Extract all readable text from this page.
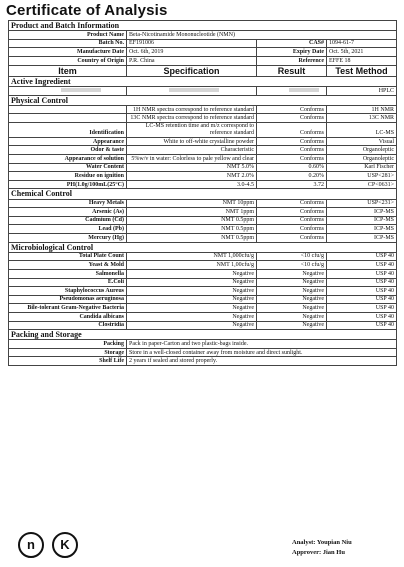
Certificate of Analysis
Product and Batch Information			
Product Name	Beta-Nicotinamide Mononucleotide (NMN)		
Batch No.	EF191006	CAS#	1094-61-7
Manufacture Date	Oct. 6th, 2019	Expiry Date	Oct. 5th, 2021
Country of Origin	P.R. China	Reference	EFFE 18
Item	Specification	Result	Test Method
Active Ingredient			
			HPLC
Physical Control			
	1H NMR spectra correspond to reference standard	Conforms	1H NMR
	13C NMR spectra correspond to reference standard	Conforms	13C NMR
Identification	LC-MS retention time and m/z correspond to reference standard	Conforms	LC-MS
Appearance	White to off-white crystalline powder	Conforms	Visual
Odor & taste	Characteristic	Conforms	Organoleptic
Appearance of solution	5%w/v in water: Colorless to pale yellow and clear	Conforms	Organoleptic
Water Content	NMT 5.0%	0.60%	Karl Fischer
Residue on ignition	NMT 2.0%	0.20%	USP<281>
PH(1.0g/100mL(25°C)	3.0-4.5	3.72	CP<0631>
Chemical Control			
Heavy Metals	NMT 10ppm	Conforms	USP<231>
Arsenic (As)	NMT 1ppm	Conforms	ICP-MS
Cadmium (Cd)	NMT 0.5ppm	Conforms	ICP-MS
Lead (Pb)	NMT 0.5ppm	Conforms	ICP-MS
Mercury (Hg)	NMT 0.5ppm	Conforms	ICP-MS
Microbiological Control			
Total Plate Count	NMT 1,000cfu/g	<10 cfu/g	USP 40
Yeast & Mold	NMT 1,00cfu/g	<10 cfu/g	USP 40
Salmonella	Negative	Negative	USP 40
E.Coli	Negative	Negative	USP 40
Staphylococcus Aureus	Negative	Negative	USP 40
Pseudomonas aeruginosa	Negative	Negative	USP 40
Bile-tolerant Gram-Negative Bacteria	Negative	Negative	USP 40
Candida albicans	Negative	Negative	USP 40
Clostridia	Negative	Negative	USP 40
Packing and Storage			
Packing	Pack in paper-Carton and two plastic-bags inside.		
Storage	Store in a well-closed container away from moisture and direct sunlight.		
Shelf Life	2 years if sealed and stored properly.		
n	K	Analyst: Youpian Niu
Approver: Jian Hu
